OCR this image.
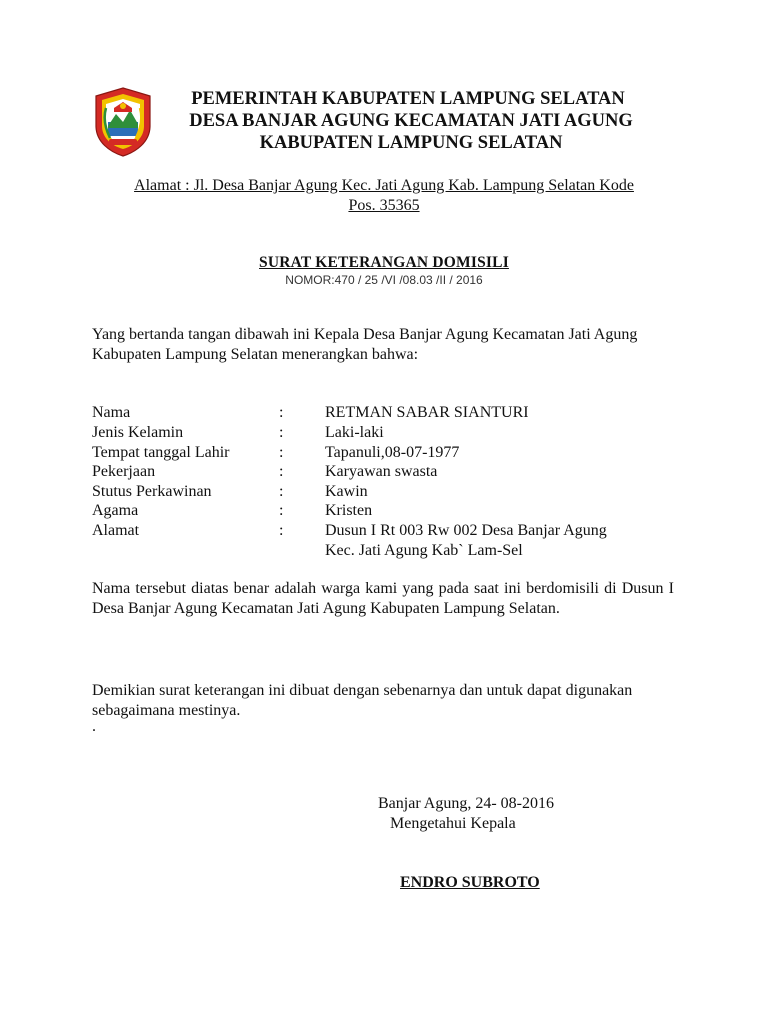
PEMERINTAH KABUPATEN LAMPUNG SELATAN
DESA BANJAR AGUNG KECAMATAN JATI AGUNG
KABUPATEN LAMPUNG SELATAN
Alamat : Jl. Desa Banjar Agung Kec. Jati Agung Kab. Lampung Selatan Kode
Pos. 35365
SURAT KETERANGAN DOMISILI
NOMOR:470 / 25 /VI /08.03 /II / 2016
Yang bertanda tangan dibawah ini Kepala Desa Banjar Agung Kecamatan Jati Agung Kabupaten Lampung Selatan menerangkan bahwa:
Nama	:	RETMAN SABAR SIANTURI
Jenis Kelamin	:	Laki-laki
Tempat tanggal Lahir	:	Tapanuli,08-07-1977
Pekerjaan	:	Karyawan swasta
Stutus Perkawinan	:	Kawin
Agama	:	Kristen
Alamat	:	Dusun I Rt 003 Rw 002 Desa Banjar Agung
Kec. Jati Agung Kab` Lam-Sel
Nama tersebut diatas benar adalah warga kami yang pada saat ini berdomisili di Dusun I Desa Banjar Agung Kecamatan Jati Agung Kabupaten Lampung Selatan.
Demikian surat keterangan ini dibuat dengan sebenarnya dan untuk dapat digunakan sebagaimana mestinya.
.
Banjar Agung, 24- 08-2016
Mengetahui Kepala
ENDRO SUBROTO
